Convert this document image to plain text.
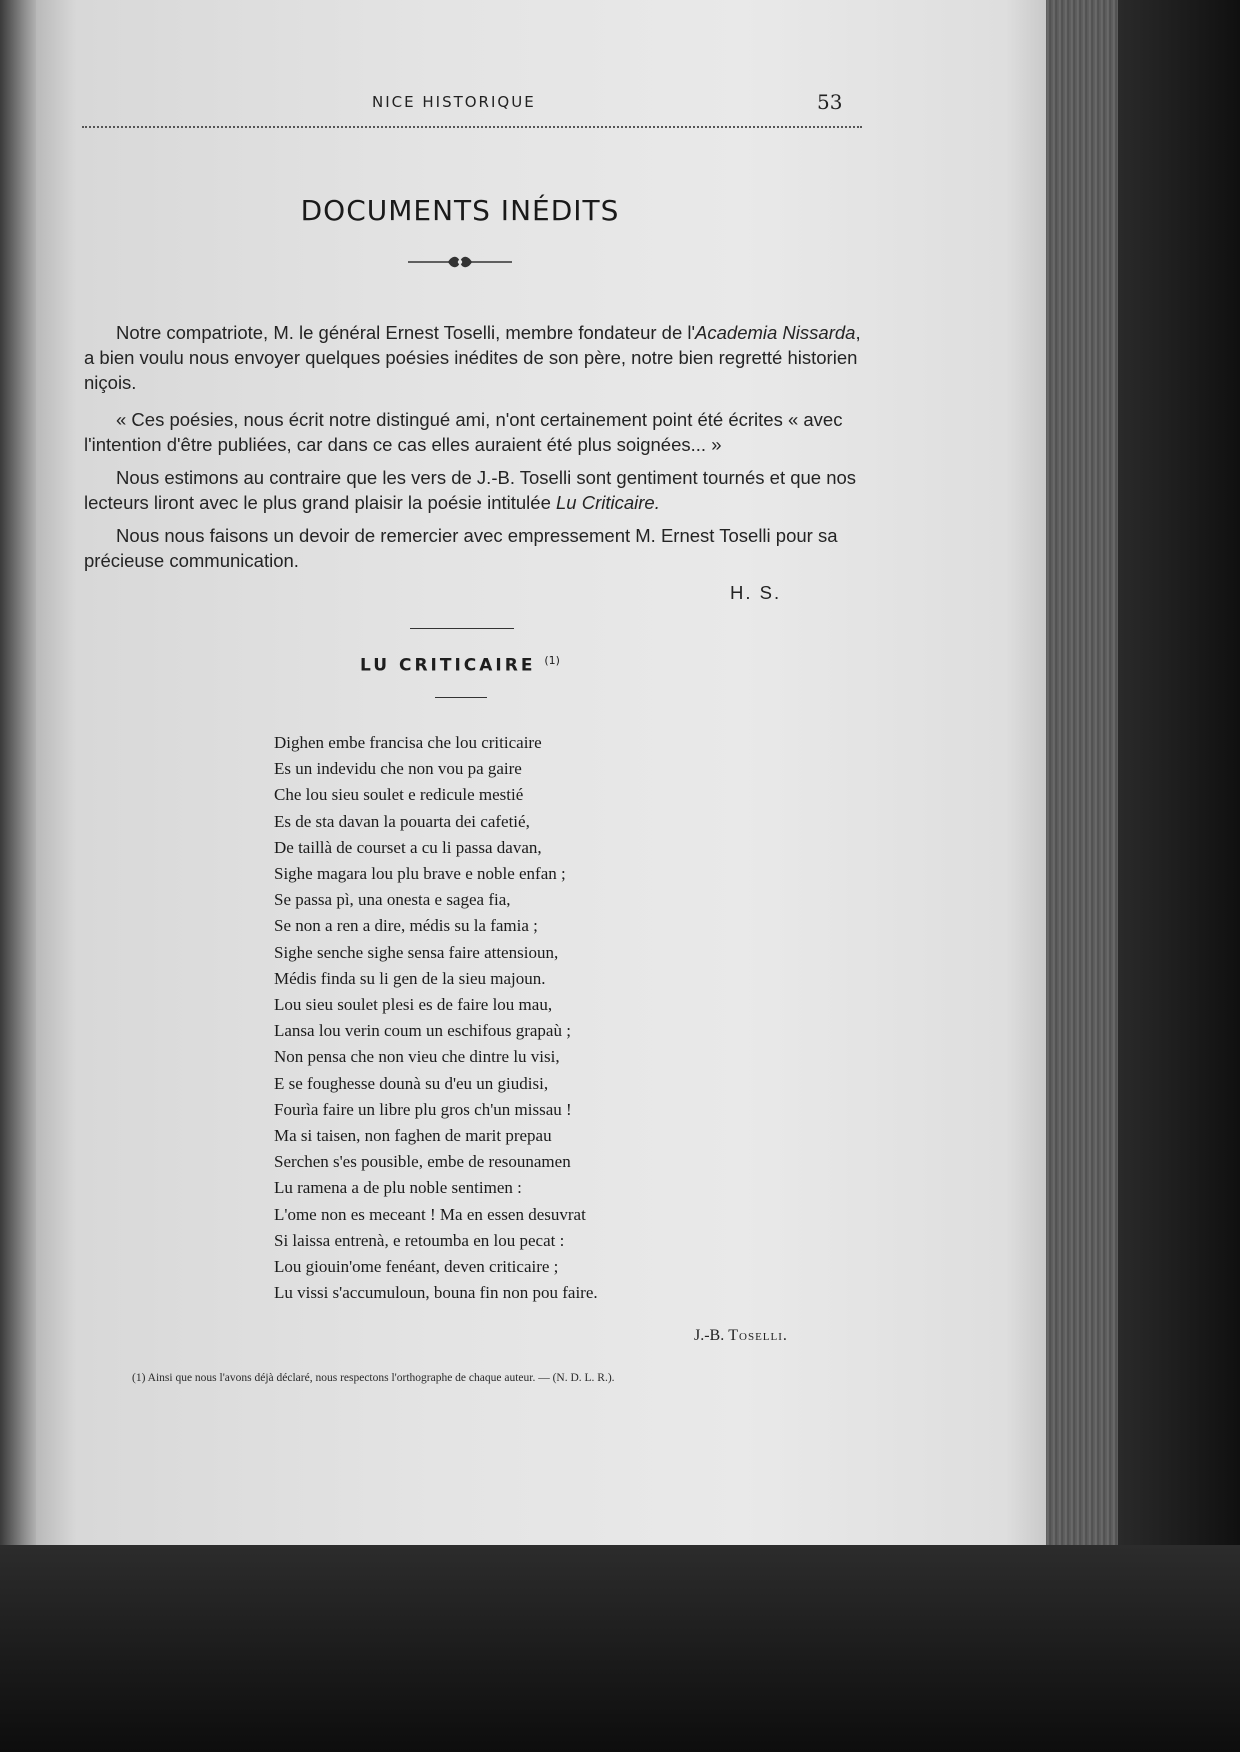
NICE HISTORIQUE	53
DOCUMENTS INÉDITS

Notre compatriote, M. le général Ernest Toselli, membre fondateur de l'Academia Nissarda, a bien voulu nous envoyer quelques poésies inédites de son père, notre bien regretté historien niçois.

« Ces poésies, nous écrit notre distingué ami, n'ont certainement point été écrites « avec l'intention d'être publiées, car dans ce cas elles auraient été plus soignées... »

Nous estimons au contraire que les vers de J.-B. Toselli sont gentiment tournés et que nos lecteurs liront avec le plus grand plaisir la poésie intitulée Lu Criticaire.

Nous nous faisons un devoir de remercier avec empressement M. Ernest Toselli pour sa précieuse communication.

H. S.
LU CRITICAIRE $^{(1)}$

Dighen embe francisa che lou criticaire

Es un indevidu che non vou pa gaire

Che lou sieu soulet e redicule mestié

Es de sta davan la pouarta dei cafetié,

De taillà de courset a cu li passa davan,

Sighe magara lou plu brave e noble enfan ;

Se passa pì, una onesta e sagea fia,

Se non a ren a dire, médis su la famia ;

Sighe senche sighe sensa faire attensioun,

Médis finda su li gen de la sieu majoun.

Lou sieu soulet plesi es de faire lou mau,

Lansa lou verin coum un eschifous grapaù ;

Non pensa che non vieu che dintre lu visi,

E se foughesse dounà su d'eu un giudisi,

Fourìa faire un libre plu gros ch'un missau !

Ma si taisen, non faghen de marit prepau

Serchen s'es pousible, embe de resounamen

Lu ramena a de plu noble sentimen :

L'ome non es meceant ! Ma en essen desuvrat

Si laissa entrenà, e retoumba en lou pecat :

Lou giouin'ome fenéant, deven criticaire ;

Lu vissi s'accumuloun, bouna fin non pou faire.

J.-B. Toselli.
(1) Ainsi que nous l'avons déjà déclaré, nous respectons l'orthographe de chaque auteur. — (N. D. L. R.).
